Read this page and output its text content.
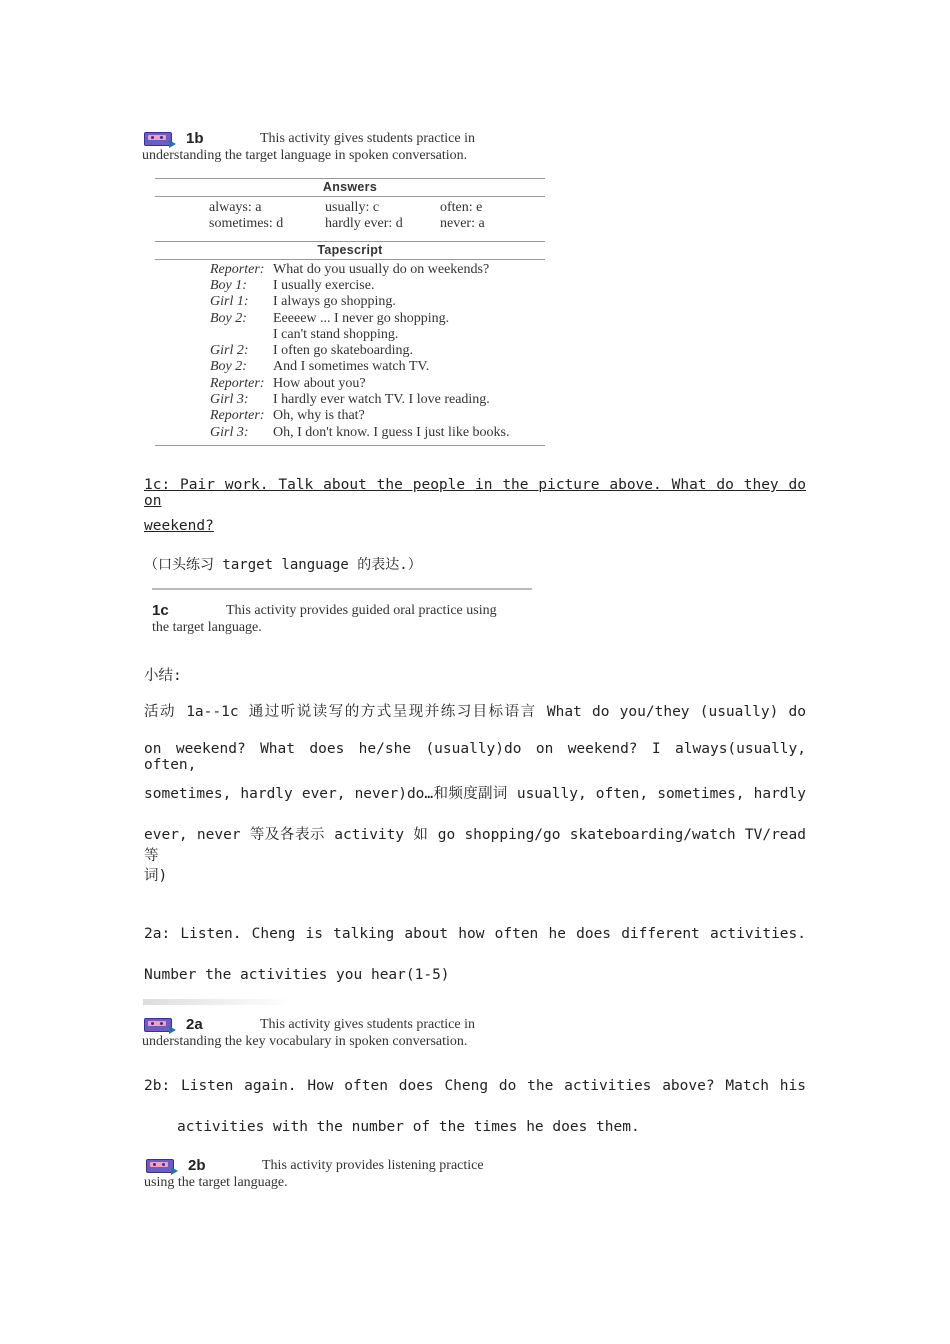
1b	This activity gives students practice in
understanding the target language in spoken conversation.
Answers
always: a	usually: c	often: e
sometimes: d	hardly ever: d	never: a
Tapescript
Reporter: What do you usually do on weekends?
Boy 1: I usually exercise.
Girl 1: I always go shopping.
Boy 2: Eeeeew ... I never go shopping.
I can't stand shopping.
Girl 2: I often go skateboarding.
Boy 2: And I sometimes watch TV.
Reporter: How about you?
Girl 3: I hardly ever watch TV. I love reading.
Reporter: Oh, why is that?
Girl 3: Oh, I don't know. I guess I just like books.
1c: Pair work. Talk about the people in the picture above. What do they do on
weekend?
（口头练习 target language 的表达.）
1c	This activity provides guided oral practice using
the target language.
小结:
活动 1a--1c 通过听说读写的方式呈现并练习目标语言 What do you/they (usually) do
on weekend? What does he/she (usually)do on weekend? I always(usually, often,
sometimes, hardly ever, never)do…和频度副词 usually, often, sometimes, hardly
ever, never 等及各表示 activity 如 go shopping/go skateboarding/watch TV/read 等
词)
2a: Listen. Cheng is talking about how often he does different activities.
Number the activities you hear(1-5)
2a	This activity gives students practice in
understanding the key vocabulary in spoken conversation.
2b: Listen again. How often does Cheng do the activities above? Match his
activities with the number of the times he does them.
2b	This activity provides listening practice
using the target language.
